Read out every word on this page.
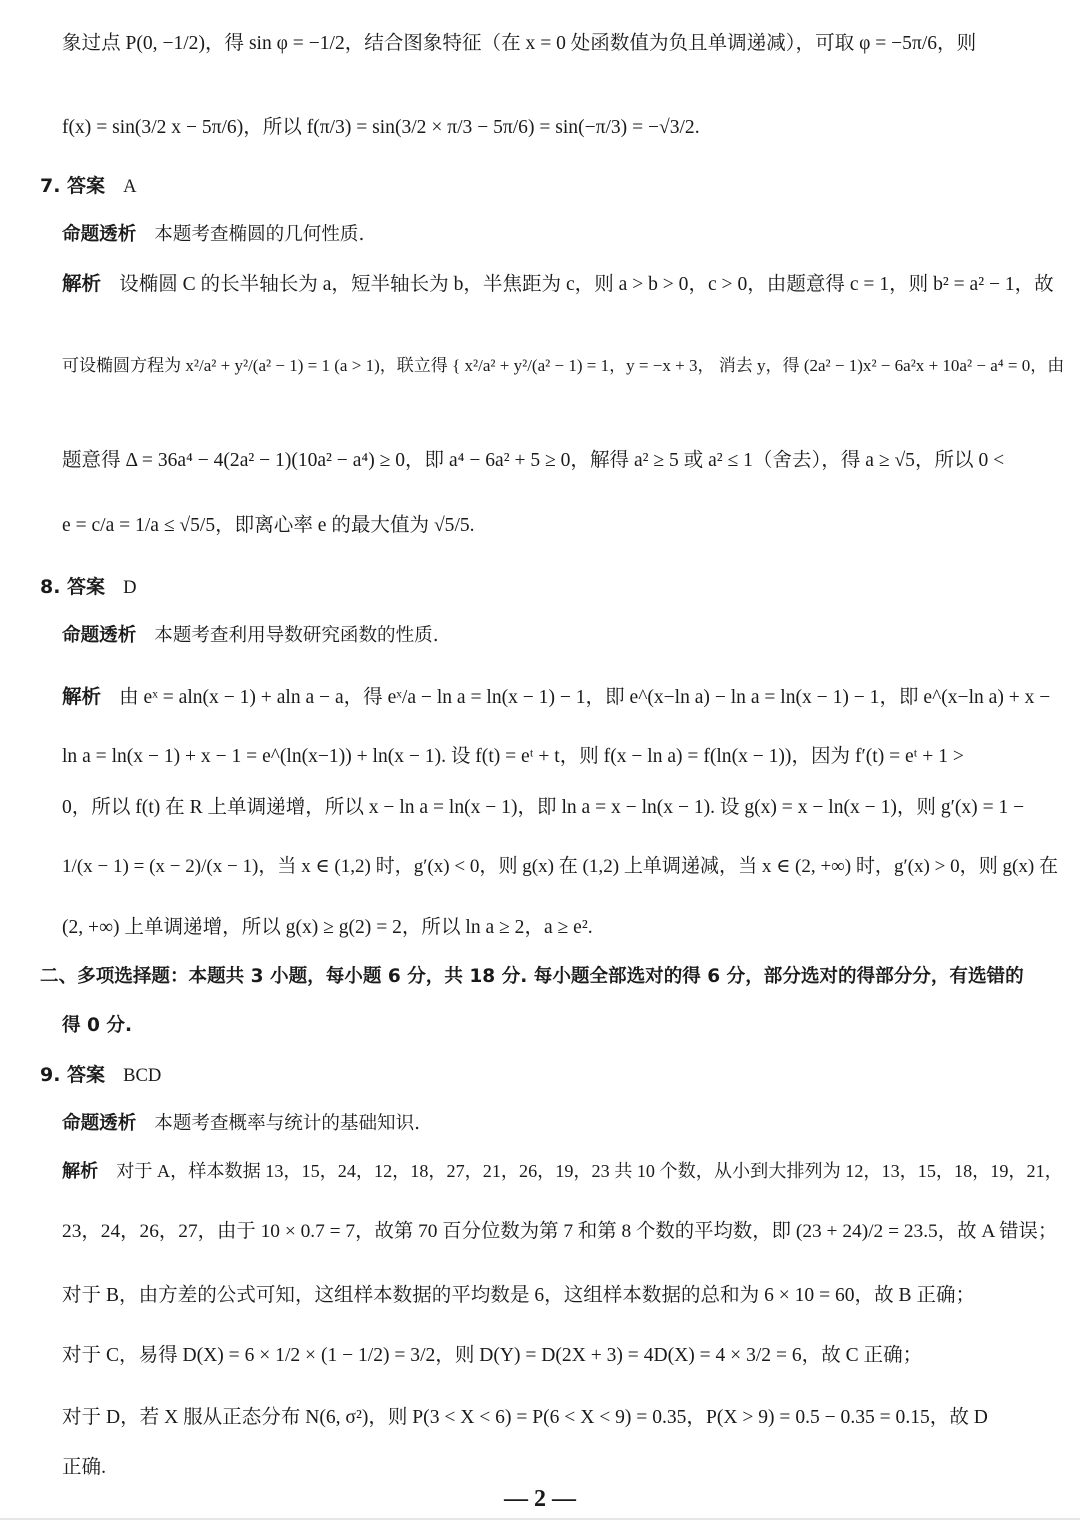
象过点 P(0, −1/2)，得 sin φ = −1/2，结合图象特征（在 x = 0 处函数值为负且单调递减），可取 φ = −5π/6，则
f(x) = sin(3/2 x − 5π/6)，所以 f(π/3) = sin(3/2 × π/3 − 5π/6) = sin(−π/3) = −√3/2.
7. 答案 A
命题透析 本题考查椭圆的几何性质.
解析 设椭圆 C 的长半轴长为 a，短半轴长为 b，半焦距为 c，则 a > b > 0，c > 0，由题意得 c = 1，则 b² = a² − 1，故
可设椭圆方程为 x²/a² + y²/(a² − 1) = 1 (a > 1)，联立得 { x²/a² + y²/(a² − 1) = 1，y = −x + 3， 消去 y，得 (2a² − 1)x² − 6a²x + 10a² − a⁴ = 0，由
题意得 Δ = 36a⁴ − 4(2a² − 1)(10a² − a⁴) ≥ 0，即 a⁴ − 6a² + 5 ≥ 0，解得 a² ≥ 5 或 a² ≤ 1（舍去），得 a ≥ √5，所以 0 <
e = c/a = 1/a ≤ √5/5，即离心率 e 的最大值为 √5/5.
8. 答案 D
命题透析 本题考查利用导数研究函数的性质.
解析 由 eˣ = aln(x − 1) + aln a − a，得 eˣ/a − ln a = ln(x − 1) − 1，即 e^(x−ln a) − ln a = ln(x − 1) − 1，即 e^(x−ln a) + x −
ln a = ln(x − 1) + x − 1 = e^(ln(x−1)) + ln(x − 1). 设 f(t) = eᵗ + t，则 f(x − ln a) = f(ln(x − 1))，因为 f′(t) = eᵗ + 1 >
0，所以 f(t) 在 R 上单调递增，所以 x − ln a = ln(x − 1)，即 ln a = x − ln(x − 1). 设 g(x) = x − ln(x − 1)，则 g′(x) = 1 −
1/(x − 1) = (x − 2)/(x − 1)，当 x ∈ (1,2) 时，g′(x) < 0，则 g(x) 在 (1,2) 上单调递减，当 x ∈ (2, +∞) 时，g′(x) > 0，则 g(x) 在
(2, +∞) 上单调递增，所以 g(x) ≥ g(2) = 2，所以 ln a ≥ 2，a ≥ e².
二、多项选择题：本题共 3 小题，每小题 6 分，共 18 分. 每小题全部选对的得 6 分，部分选对的得部分分，有选错的
得 0 分.
9. 答案 BCD
命题透析 本题考查概率与统计的基础知识.
解析 对于 A，样本数据 13，15，24，12，18，27，21，26，19，23 共 10 个数，从小到大排列为 12，13，15，18，19，21，
23，24，26，27，由于 10 × 0.7 = 7，故第 70 百分位数为第 7 和第 8 个数的平均数，即 (23 + 24)/2 = 23.5，故 A 错误；
对于 B，由方差的公式可知，这组样本数据的平均数是 6，这组样本数据的总和为 6 × 10 = 60，故 B 正确；
对于 C，易得 D(X) = 6 × 1/2 × (1 − 1/2) = 3/2，则 D(Y) = D(2X + 3) = 4D(X) = 4 × 3/2 = 6，故 C 正确；
对于 D，若 X 服从正态分布 N(6, σ²)，则 P(3 < X < 6) = P(6 < X < 9) = 0.35，P(X > 9) = 0.5 − 0.35 = 0.15，故 D
正确.
— 2 —
